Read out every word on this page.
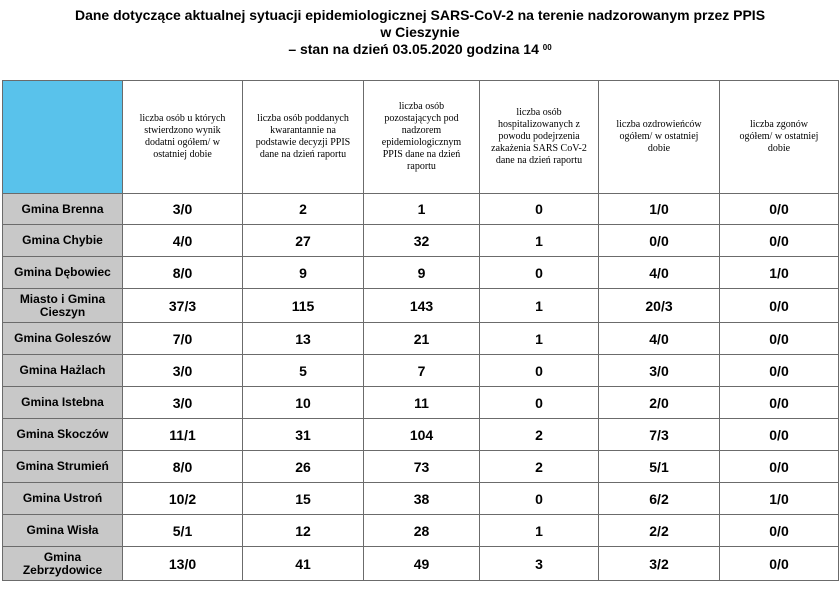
Dane dotyczące aktualnej sytuacji epidemiologicznej SARS-CoV-2 na terenie nadzorowanym przez PPIS
w Cieszynie
– stan na dzień 03.05.2020 godzina 14 $^{00}$
	liczba osób u których stwierdzono wynik dodatni ogółem/ w ostatniej dobie	liczba osób poddanych kwarantannie na podstawie decyzji PPIS dane na dzień raportu	liczba osób pozostających pod nadzorem epidemiologicznym PPIS dane na dzień raportu	liczba osób hospitalizowanych z powodu podejrzenia zakażenia SARS CoV-2 dane na dzień raportu	liczba ozdrowieńców ogółem/ w ostatniej dobie	liczba zgonów ogółem/ w ostatniej dobie
Gmina Brenna	3/0	2	1	0	1/0	0/0
Gmina Chybie	4/0	27	32	1	0/0	0/0
Gmina Dębowiec	8/0	9	9	0	4/0	1/0
Miasto i Gmina Cieszyn	37/3	115	143	1	20/3	0/0
Gmina Goleszów	7/0	13	21	1	4/0	0/0
Gmina Hażlach	3/0	5	7	0	3/0	0/0
Gmina Istebna	3/0	10	11	0	2/0	0/0
Gmina Skoczów	11/1	31	104	2	7/3	0/0
Gmina Strumień	8/0	26	73	2	5/1	0/0
Gmina Ustroń	10/2	15	38	0	6/2	1/0
Gmina Wisła	5/1	12	28	1	2/2	0/0
Gmina Zebrzydowice	13/0	41	49	3	3/2	0/0
